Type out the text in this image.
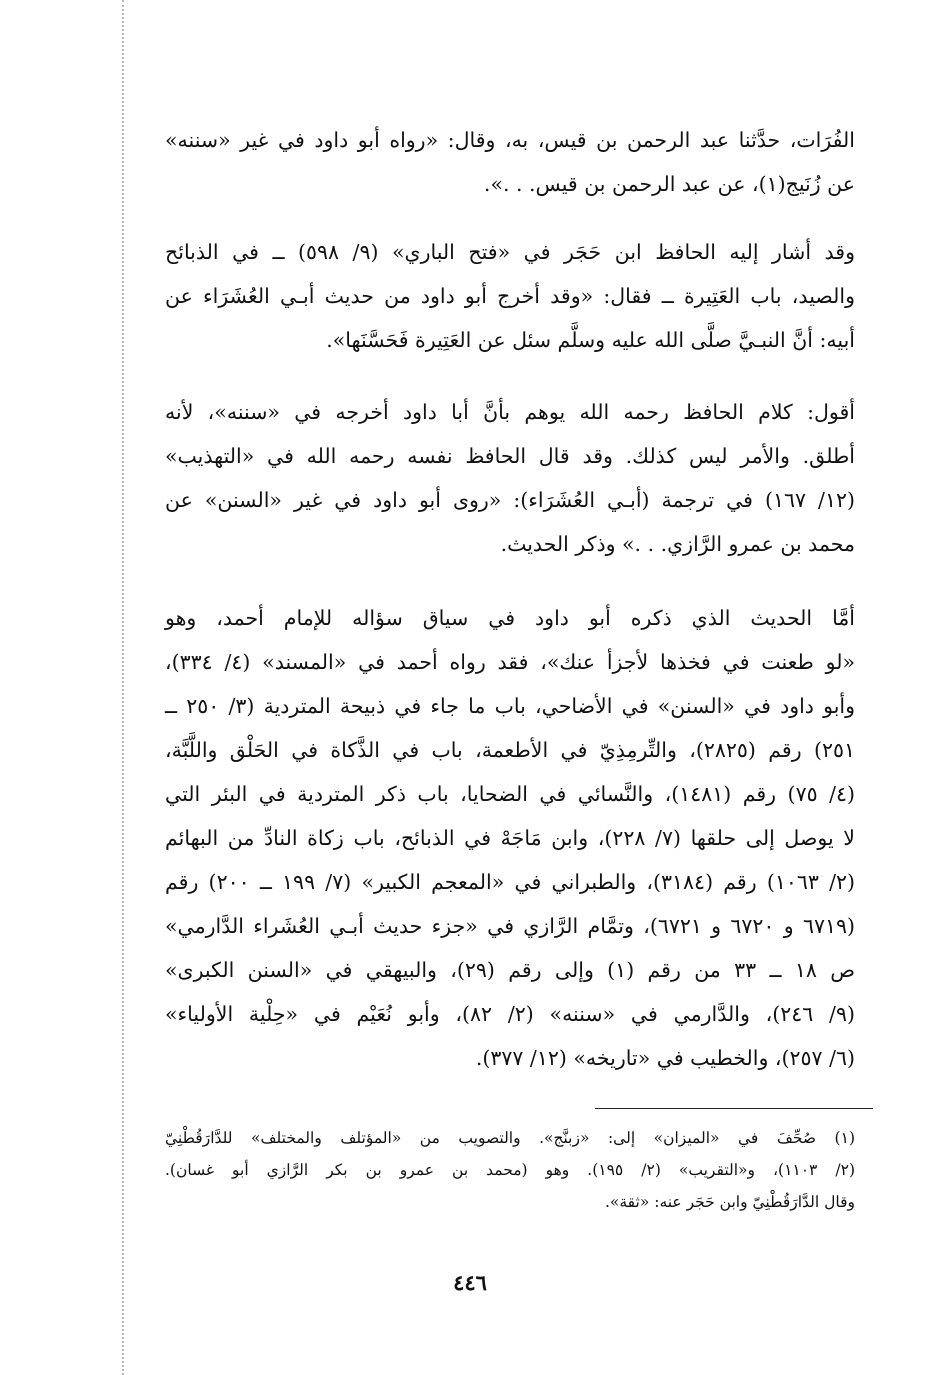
الفُرَات، حدَّثنا عبد الرحمن بن قيس، به، وقال: «رواه أبو داود في غير «سننه»
عن زُنَيج(١)، عن عبد الرحمن بن قيس. . .».
وقد أشار إليه الحافظ ابن حَجَر في «فتح الباري» (٩/ ٥٩٨) ــ في الذبائح
والصيد، باب العَتِيرة ــ فقال: «وقد أخرج أبو داود من حديث أبـي العُشَرَاء عن
أبيه: أنَّ النبـيَّ صلَّى الله عليه وسلَّم سئل عن العَتِيرة فَحَسَّنَها».
أقول: كلام الحافظ رحمه الله يوهم بأنَّ أبا داود أخرجه في «سننه»، لأنه
أطلق. والأمر ليس كذلك. وقد قال الحافظ نفسه رحمه الله في «التهذيب»
(١٢/ ١٦٧) في ترجمة (أبـي العُشَرَاء): «روى أبو داود في غير «السنن» عن
محمد بن عمرو الرَّازي. . .» وذكر الحديث.
أمَّا الحديث الذي ذكره أبو داود في سياق سؤاله للإمام أحمد، وهو
«لو طعنت في فخذها لأجزأ عنك»، فقد رواه أحمد في «المسند» (٤/ ٣٣٤)،
وأبو داود في «السنن» في الأضاحي، باب ما جاء في ذبيحة المتردية (٣/ ٢٥٠ ــ
٢٥١) رقم (٢٨٢٥)، والتِّرمِذِيّ في الأطعمة، باب في الذَّكاة في الحَلْق واللَّبَّة،
(٤/ ٧٥) رقم (١٤٨١)، والنَّسائي في الضحايا، باب ذكر المتردية في البئر التي
لا يوصل إلى حلقها (٧/ ٢٢٨)، وابن مَاجَهْ في الذبائح، باب زكاة النادِّ من البهائم
(٢/ ١٠٦٣) رقم (٣١٨٤)، والطبراني في «المعجم الكبير» (٧/ ١٩٩ ــ ٢٠٠) رقم
(٦٧١٩ و ٦٧٢٠ و ٦٧٢١)، وتمَّام الرَّازي في «جزء حديث أبـي العُشَراء الدَّارمي»
ص ١٨ ــ ٣٣ من رقم (١) وإلى رقم (٢٩)، والبيهقي في «السنن الكبرى»
(٩/ ٢٤٦)، والدَّارمي في «سننه» (٢/ ٨٢)، وأبو نُعَيْم في «حِلْية الأولياء»
(٦/ ٢٥٧)، والخطيب في «تاريخه» (١٢/ ٣٧٧).
(١) صُحِّفَ في «الميزان» إلى: «زبنَّج». والتصويب من «المؤتلف والمختلف» للدَّارَقُطْنِيّ
(٢/ ١١٠٣)، و«التقريب» (٢/ ١٩٥). وهو (محمد بن عمرو بن بكر الرَّازي أبو غسان).
وقال الدَّارَقُطْنِيّ وابن حَجَر عنه: «ثقة».
٤٤٦
